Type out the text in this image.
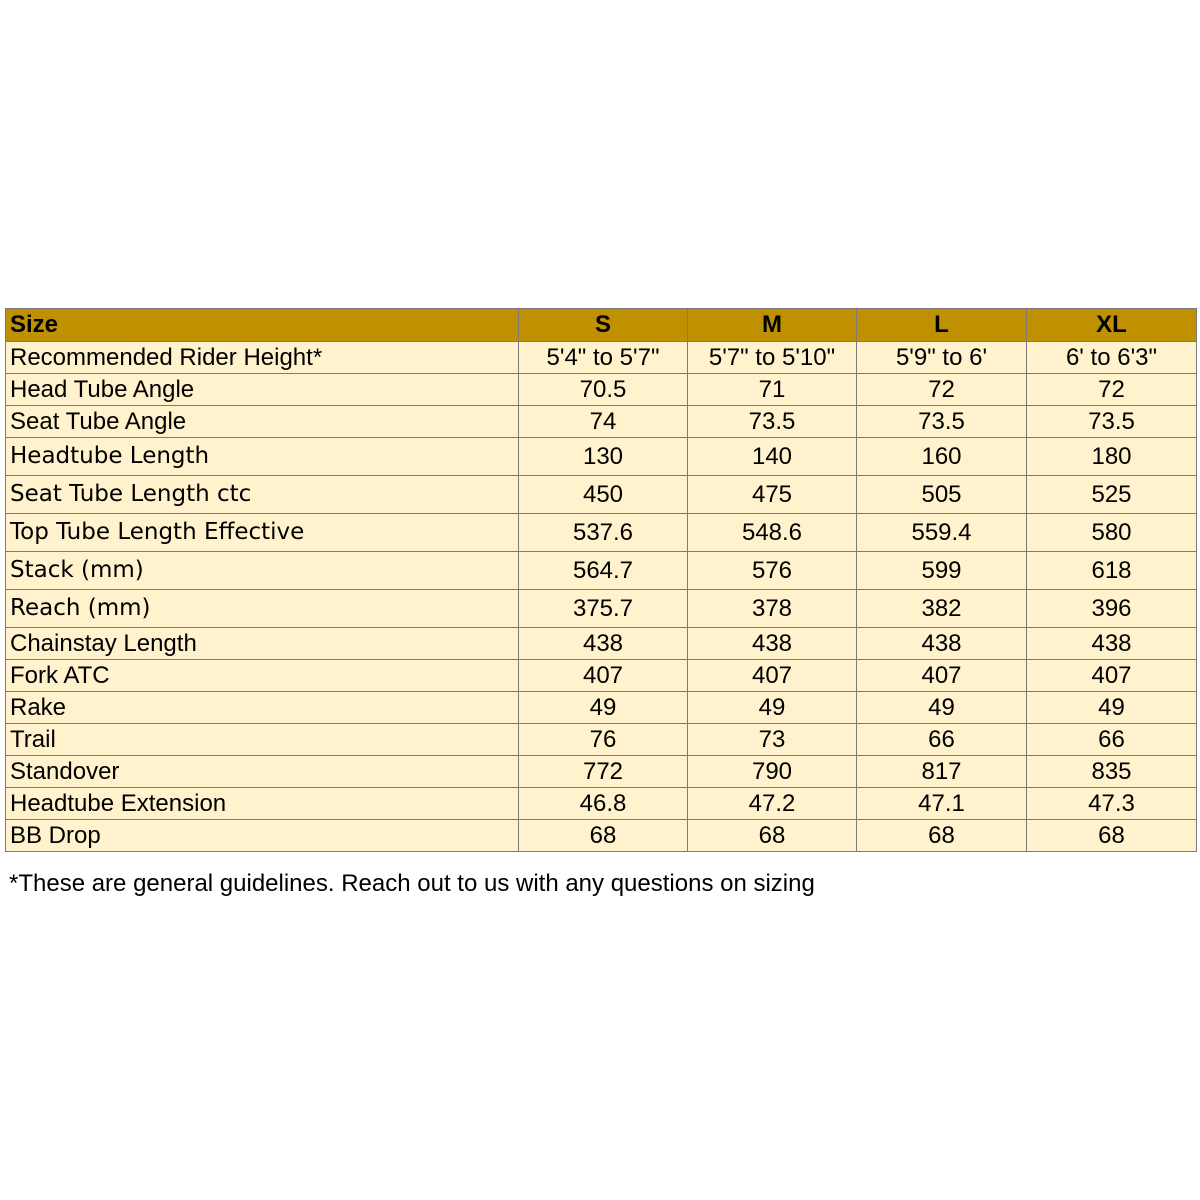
Size	S	M	L	XL
Recommended Rider Height*	5'4" to 5'7"	5'7" to 5'10"	5'9" to 6'	6' to 6'3"
Head Tube Angle	70.5	71	72	72
Seat Tube Angle	74	73.5	73.5	73.5
Headtube Length	130	140	160	180
Seat Tube Length ctc	450	475	505	525
Top Tube Length Effective	537.6	548.6	559.4	580
Stack (mm)	564.7	576	599	618
Reach (mm)	375.7	378	382	396
Chainstay Length	438	438	438	438
Fork ATC	407	407	407	407
Rake	49	49	49	49
Trail	76	73	66	66
Standover	772	790	817	835
Headtube Extension	46.8	47.2	47.1	47.3
BB Drop	68	68	68	68
*These are general guidelines. Reach out to us with any questions on sizing
